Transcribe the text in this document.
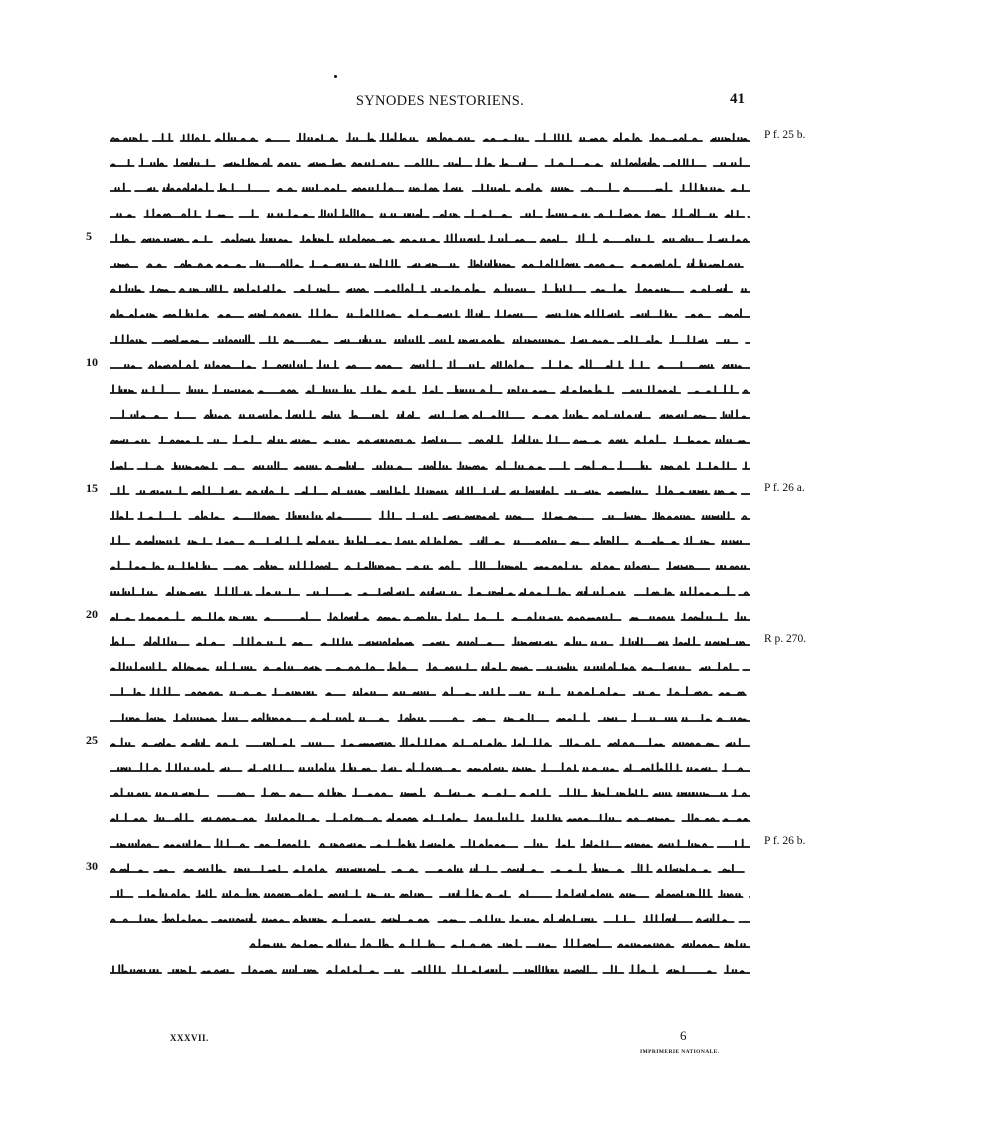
SYNODES NESTORIENS.	41
P f. 25 b.
5
10
15	P f. 26 a.
20
R p. 270.
25
P f. 26 b.
30
XXXVII.	6
IMPRIMERIE NATIONALE.
